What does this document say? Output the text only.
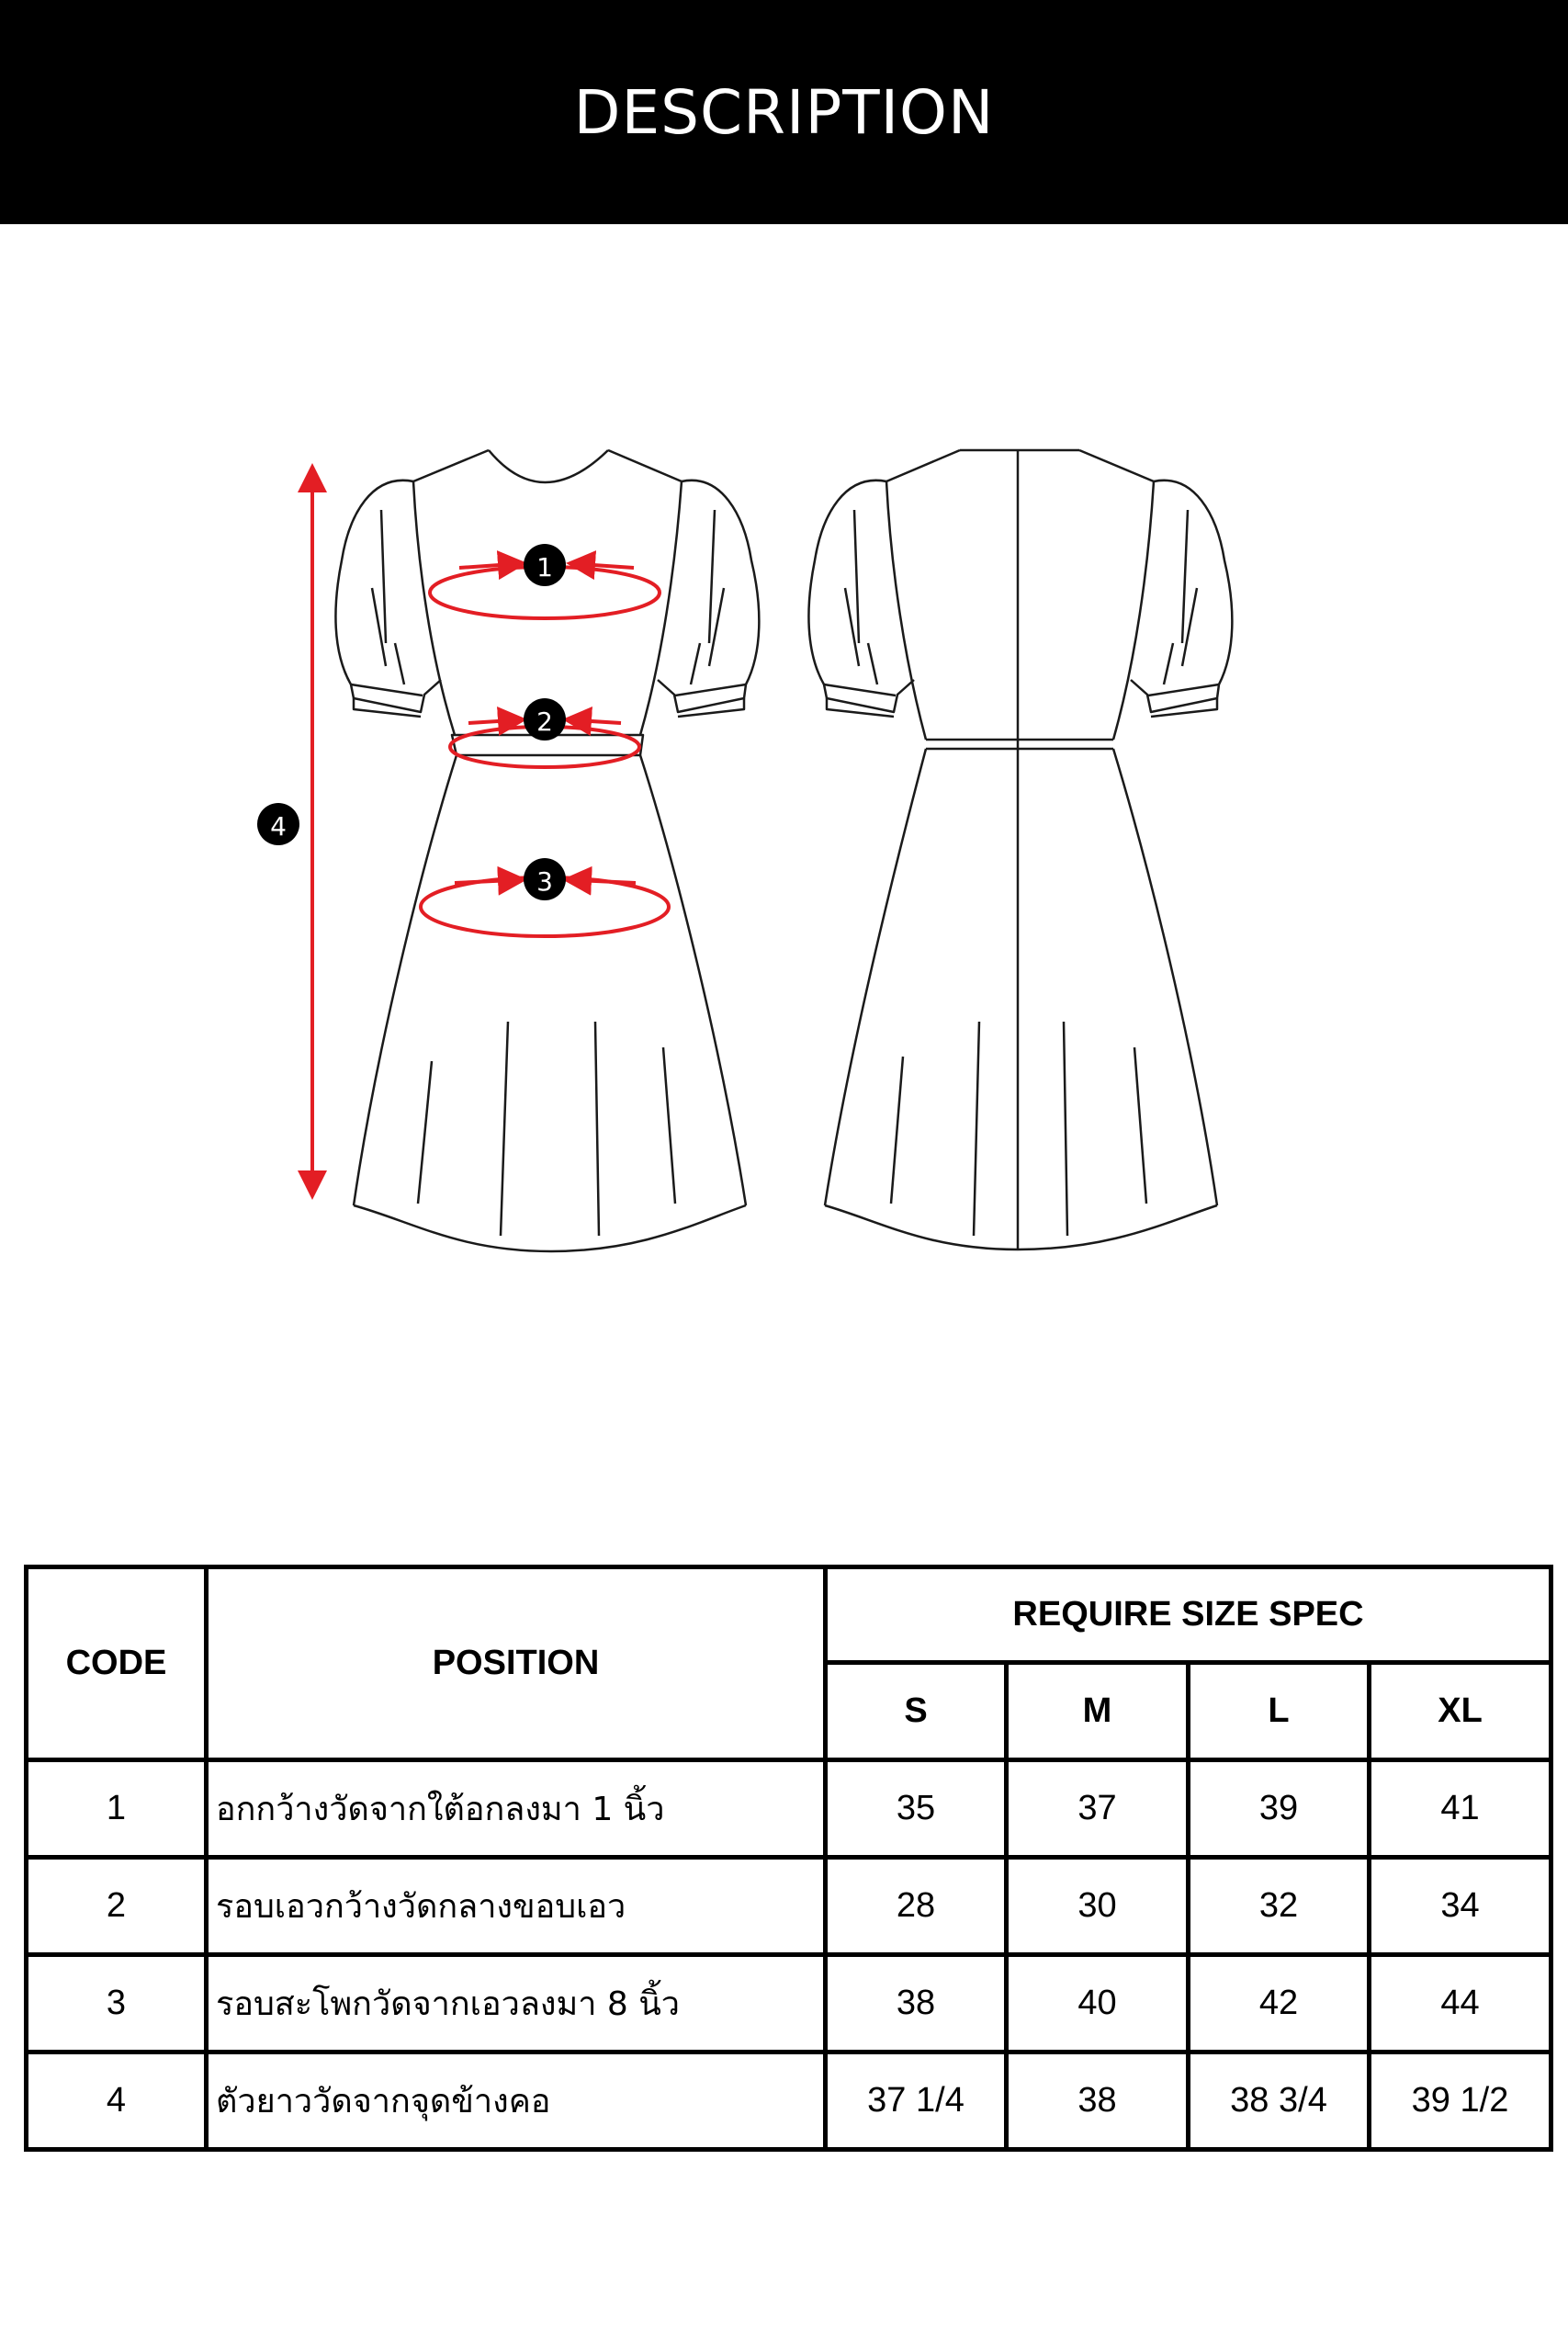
DESCRIPTION
1
2
3
4
CODE	POSITION	REQUIRE SIZE SPEC			
		S	M	L	XL
1	อกกว้างวัดจากใต้อกลงมา 1 นิ้ว	35	37	39	41
2	รอบเอวกว้างวัดกลางขอบเอว	28	30	32	34
3	รอบสะโพกวัดจากเอวลงมา 8 นิ้ว	38	40	42	44
4	ตัวยาววัดจากจุดข้างคอ	37 1/4	38	38 3/4	39 1/2
